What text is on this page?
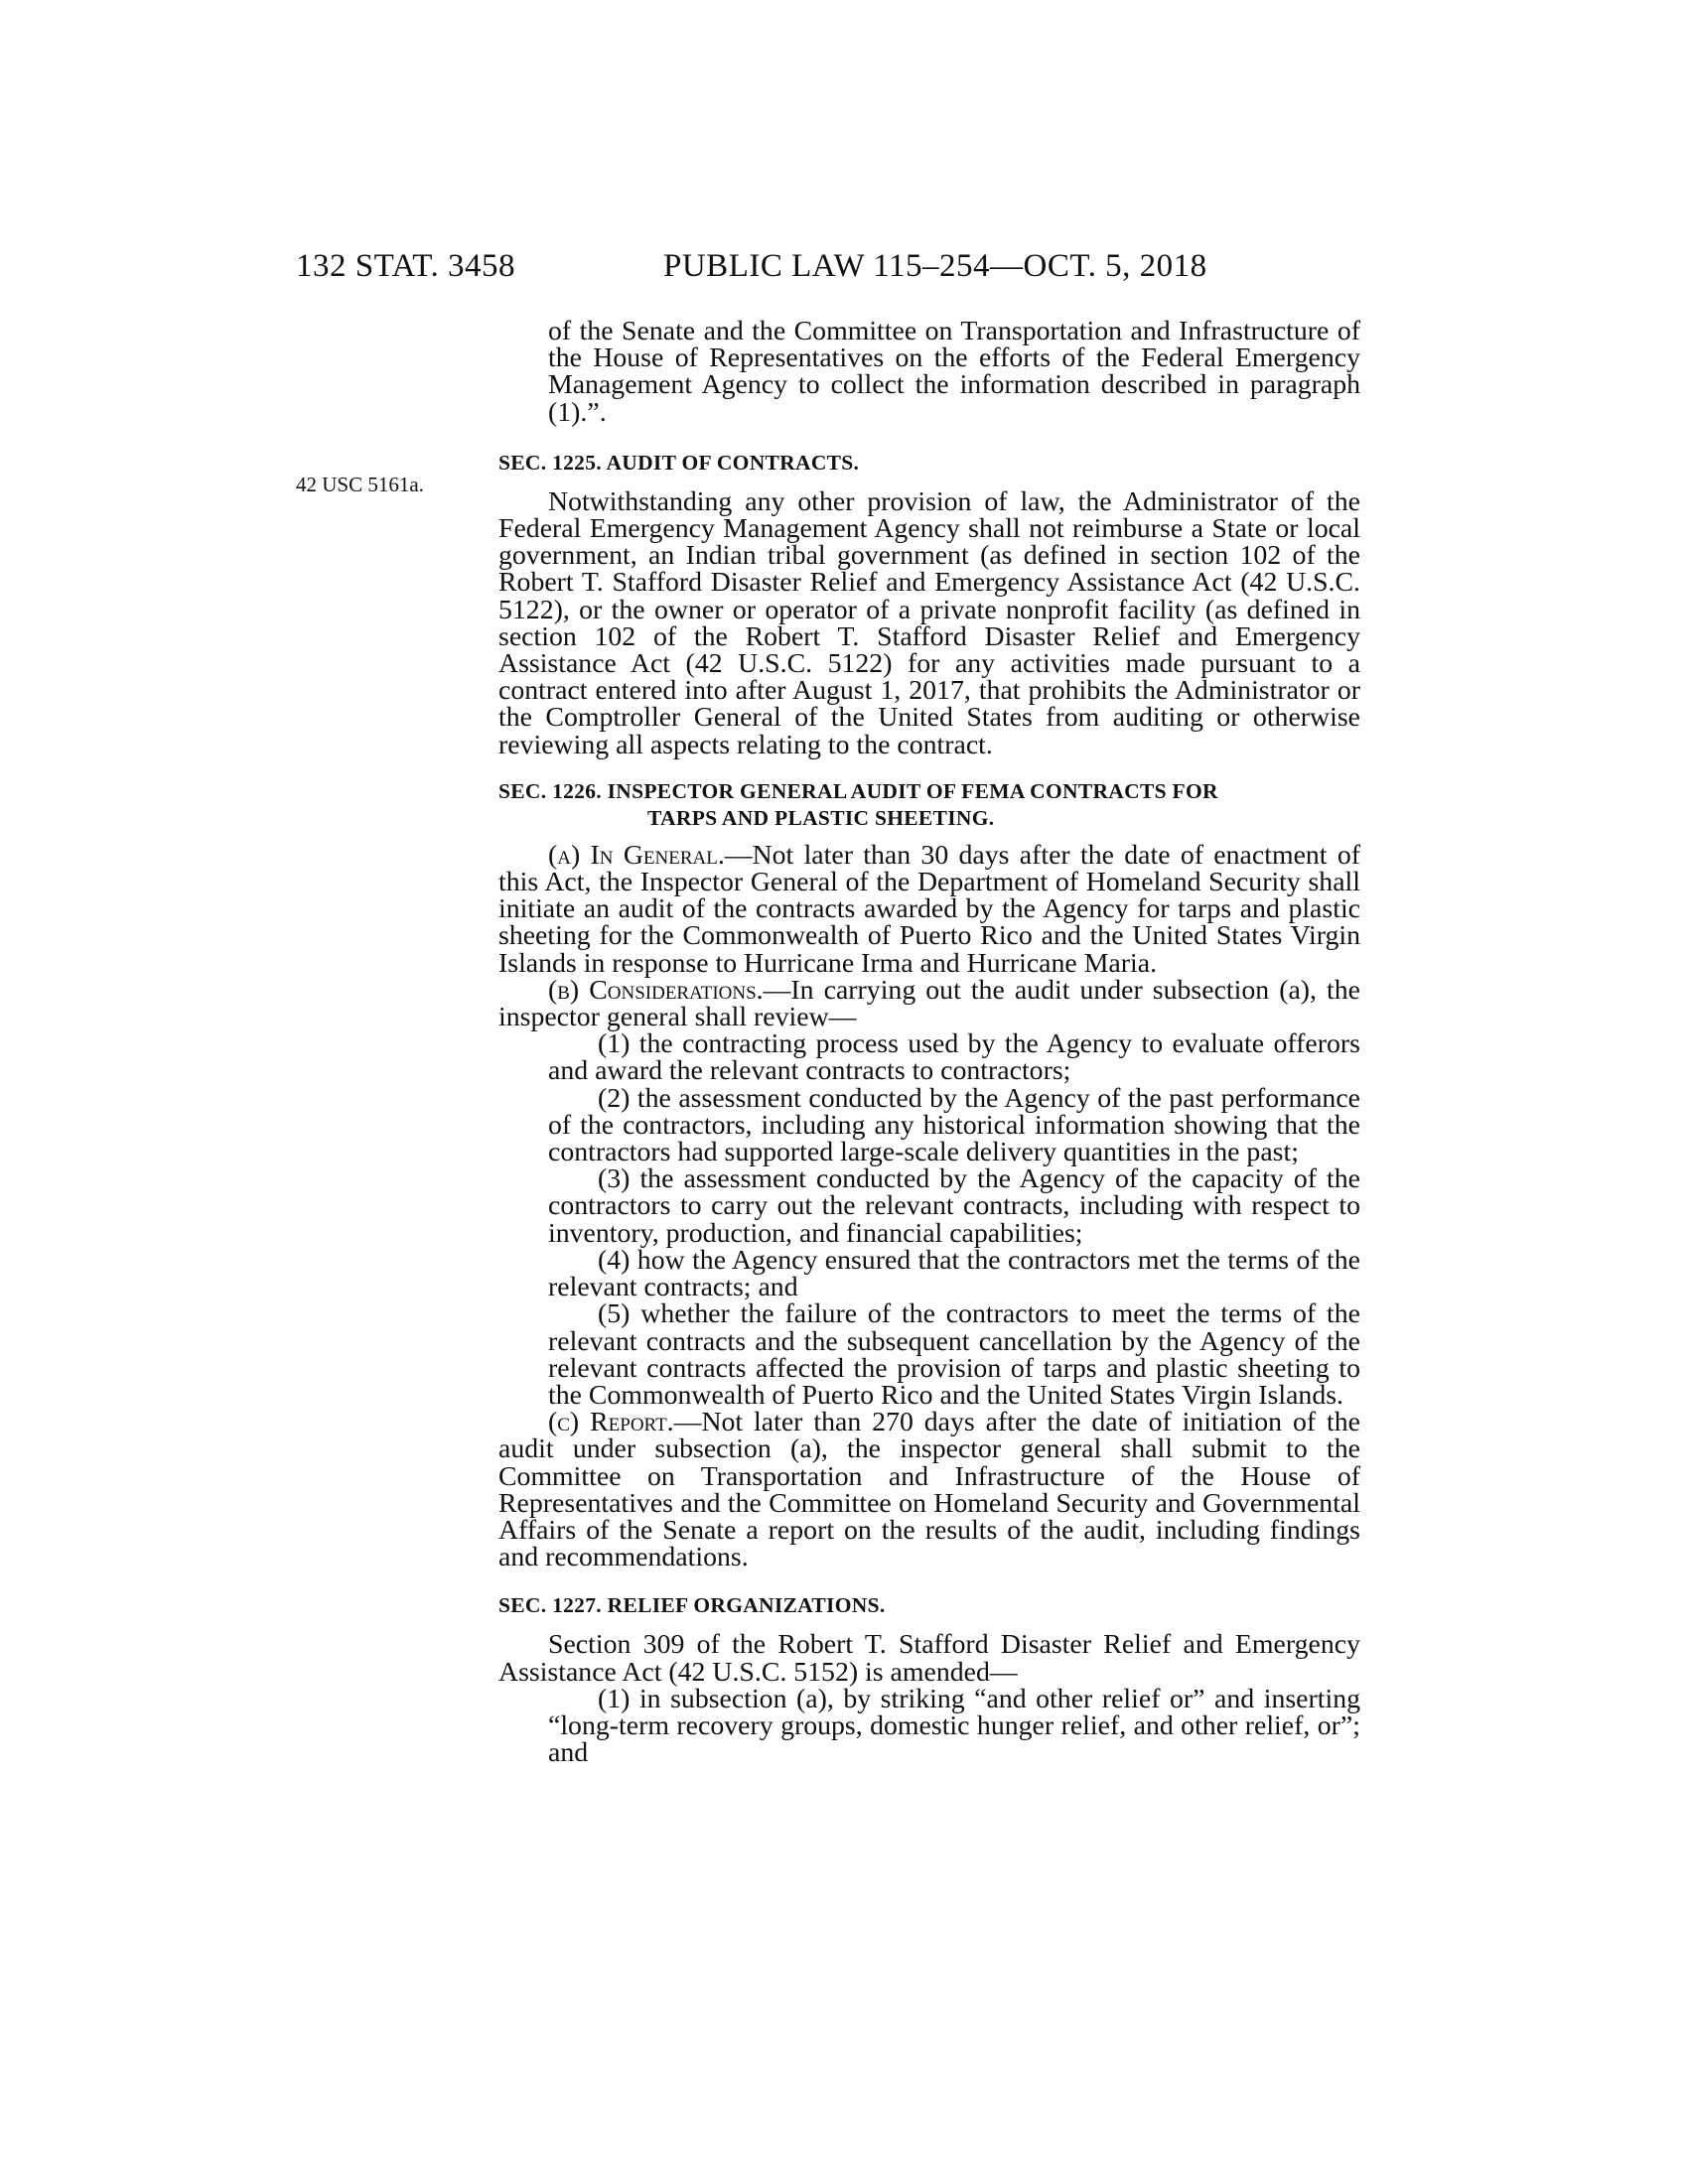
132 STAT. 3458	PUBLIC LAW 115–254—OCT. 5, 2018
42 USC 5161a.

of the Senate and the Committee on Transportation and Infrastructure of the House of Representatives on the efforts of the Federal Emergency Management Agency to collect the information described in paragraph (1).”.

SEC. 1225. AUDIT OF CONTRACTS.

Notwithstanding any other provision of law, the Administrator of the Federal Emergency Management Agency shall not reimburse a State or local government, an Indian tribal government (as defined in section 102 of the Robert T. Stafford Disaster Relief and Emergency Assistance Act (42 U.S.C. 5122), or the owner or operator of a private nonprofit facility (as defined in section 102 of the Robert T. Stafford Disaster Relief and Emergency Assistance Act (42 U.S.C. 5122) for any activities made pursuant to a contract entered into after August 1, 2017, that prohibits the Administrator or the Comptroller General of the United States from auditing or otherwise reviewing all aspects relating to the contract.

SEC. 1226. INSPECTOR GENERAL AUDIT OF FEMA CONTRACTS FOR
TARPS AND PLASTIC SHEETING.

(a) In General.—Not later than 30 days after the date of enactment of this Act, the Inspector General of the Department of Homeland Security shall initiate an audit of the contracts awarded by the Agency for tarps and plastic sheeting for the Commonwealth of Puerto Rico and the United States Virgin Islands in response to Hurricane Irma and Hurricane Maria.

(b) Considerations.—In carrying out the audit under subsection (a), the inspector general shall review—

(1) the contracting process used by the Agency to evaluate offerors and award the relevant contracts to contractors;

(2) the assessment conducted by the Agency of the past performance of the contractors, including any historical information showing that the contractors had supported large-scale delivery quantities in the past;

(3) the assessment conducted by the Agency of the capacity of the contractors to carry out the relevant contracts, including with respect to inventory, production, and financial capabilities;

(4) how the Agency ensured that the contractors met the terms of the relevant contracts; and

(5) whether the failure of the contractors to meet the terms of the relevant contracts and the subsequent cancellation by the Agency of the relevant contracts affected the provision of tarps and plastic sheeting to the Commonwealth of Puerto Rico and the United States Virgin Islands.

(c) Report.—Not later than 270 days after the date of initiation of the audit under subsection (a), the inspector general shall submit to the Committee on Transportation and Infrastructure of the House of Representatives and the Committee on Homeland Security and Governmental Affairs of the Senate a report on the results of the audit, including findings and recommendations.

SEC. 1227. RELIEF ORGANIZATIONS.

Section 309 of the Robert T. Stafford Disaster Relief and Emergency Assistance Act (42 U.S.C. 5152) is amended—

(1) in subsection (a), by striking “and other relief or” and inserting “long-term recovery groups, domestic hunger relief, and other relief, or”; and
